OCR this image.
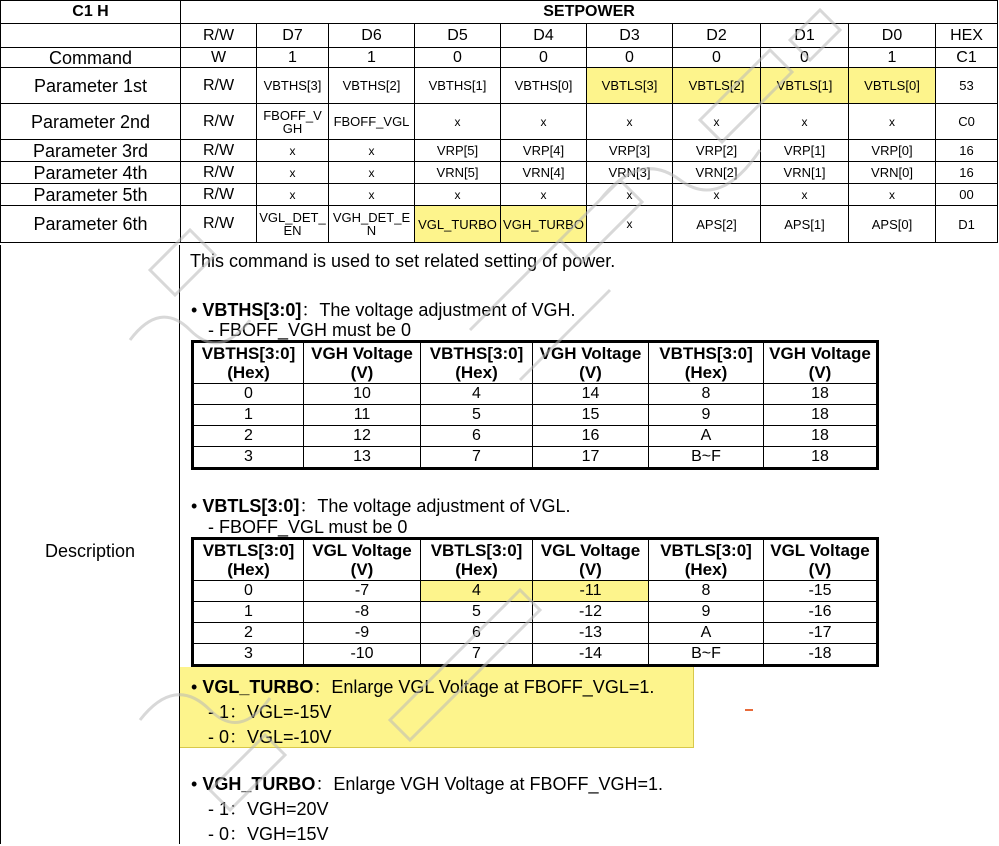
C1 H	SETPOWER									
	R/W	D7	D6	D5	D4	D3	D2	D1	D0	HEX
Command	W	1	1	0	0	0	0	0	1	C1
Parameter 1st	R/W	VBTHS[3]	VBTHS[2]	VBTHS[1]	VBTHS[0]	VBTLS[3]	VBTLS[2]	VBTLS[1]	VBTLS[0]	53
Parameter 2nd	R/W	FBOFF_VGH	FBOFF_VGL	x	x	x	x	x	x	C0
Parameter 3rd	R/W	x	x	VRP[5]	VRP[4]	VRP[3]	VRP[2]	VRP[1]	VRP[0]	16
Parameter 4th	R/W	x	x	VRN[5]	VRN[4]	VRN[3]	VRN[2]	VRN[1]	VRN[0]	16
Parameter 5th	R/W	x	x	x	x	x	x	x	x	00
Parameter 6th	R/W	VGL_DET_EN	VGH_DET_EN	VGL_TURBO	VGH_TURBO	x	APS[2]	APS[1]	APS[0]	D1
Description
This command is used to set related setting of power.
• VBTHS[3:0]：The voltage adjustment of VGH.
- FBOFF_VGH must be 0
VBTHS[3:0] (Hex)	VGH Voltage (V)	VBTHS[3:0] (Hex)	VGH Voltage (V)	VBTHS[3:0] (Hex)	VGH Voltage (V)
0	10	4	14	8	18
1	11	5	15	9	18
2	12	6	16	A	18
3	13	7	17	B~F	18
• VBTLS[3:0]：The voltage adjustment of VGL.
- FBOFF_VGL must be 0
VBTLS[3:0] (Hex)	VGL Voltage (V)	VBTLS[3:0] (Hex)	VGL Voltage (V)	VBTLS[3:0] (Hex)	VGL Voltage (V)
0	-7	4	-11	8	-15
1	-8	5	-12	9	-16
2	-9	6	-13	A	-17
3	-10	7	-14	B~F	-18
• VGL_TURBO：Enlarge VGL Voltage at FBOFF_VGL=1.
- 1：VGL=-15V
- 0：VGL=-10V
• VGH_TURBO：Enlarge VGH Voltage at FBOFF_VGH=1.
- 1：VGH=20V
- 0：VGH=15V
